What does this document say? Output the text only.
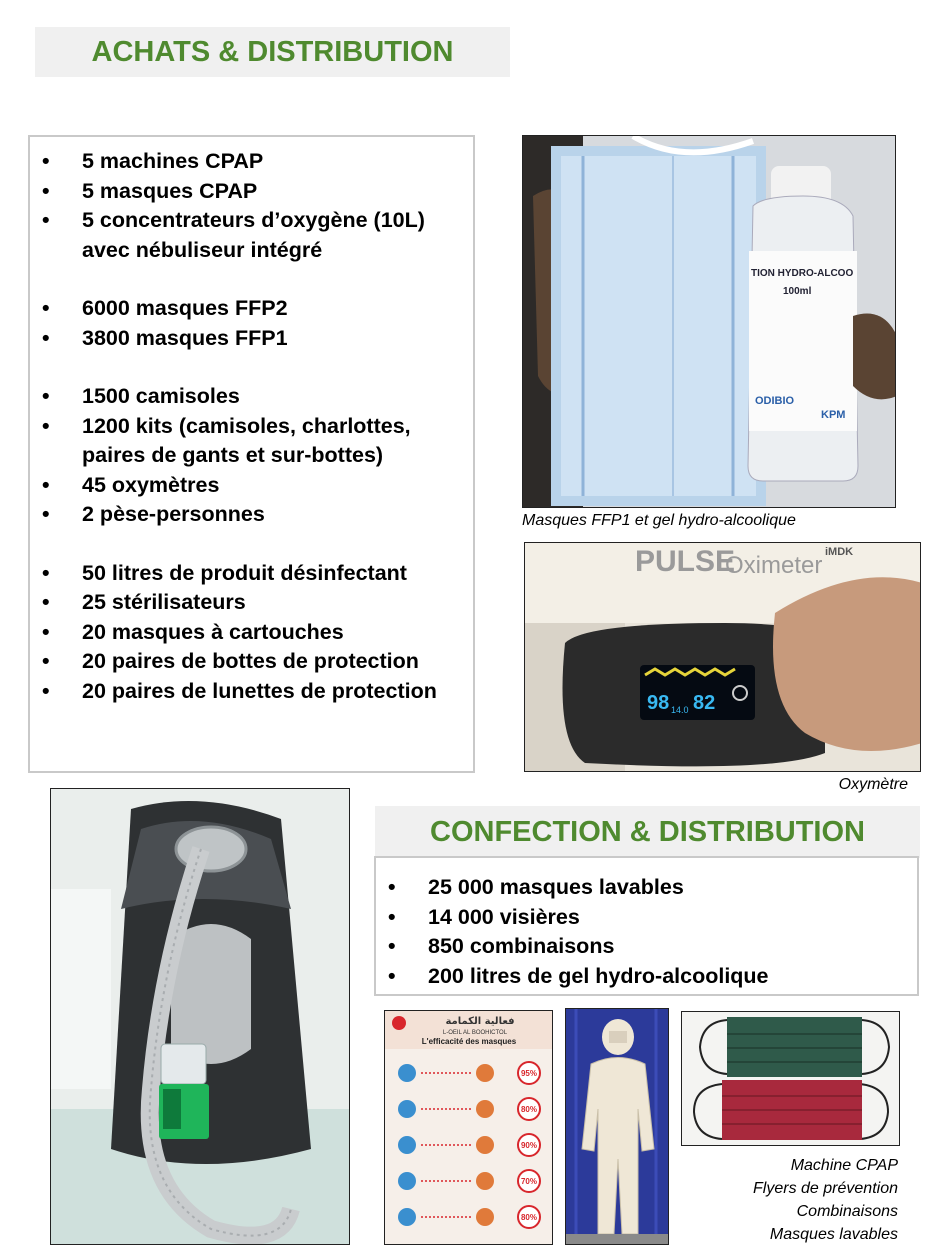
ACHATS & DISTRIBUTION
• 5 machines CPAP
• 5 masques CPAP
• 5 concentrateurs d’oxygène (10L) avec nébuliseur intégré
• 6000 masques FFP2
• 3800 masques FFP1
• 1500 camisoles
• 1200 kits (camisoles, charlottes, paires de gants et sur-bottes)
• 45 oxymètres
• 2 pèse-personnes
• 50 litres de produit désinfectant
• 25 stérilisateurs
• 20 masques à cartouches
• 20 paires de bottes de protection
• 20 paires de lunettes de protection
TION HYDRO-ALCOO
100ml
ODIBIO
KPM
Masques FFP1 et gel hydro-alcoolique
PULSE
Oximeter iMDK
98 14.0 82
Oxymètre
CONFECTION & DISTRIBUTION
• 25 000 masques lavables
• 14 000 visières
• 850 combinaisons
• 200 litres de gel hydro-alcoolique
فعالية الكمامة
L-OEIL AL BOOHICTOL
L'efficacité des masques
95%
80%
90%
70%
80%
Machine CPAP
Flyers de prévention
Combinaisons
Masques lavables
